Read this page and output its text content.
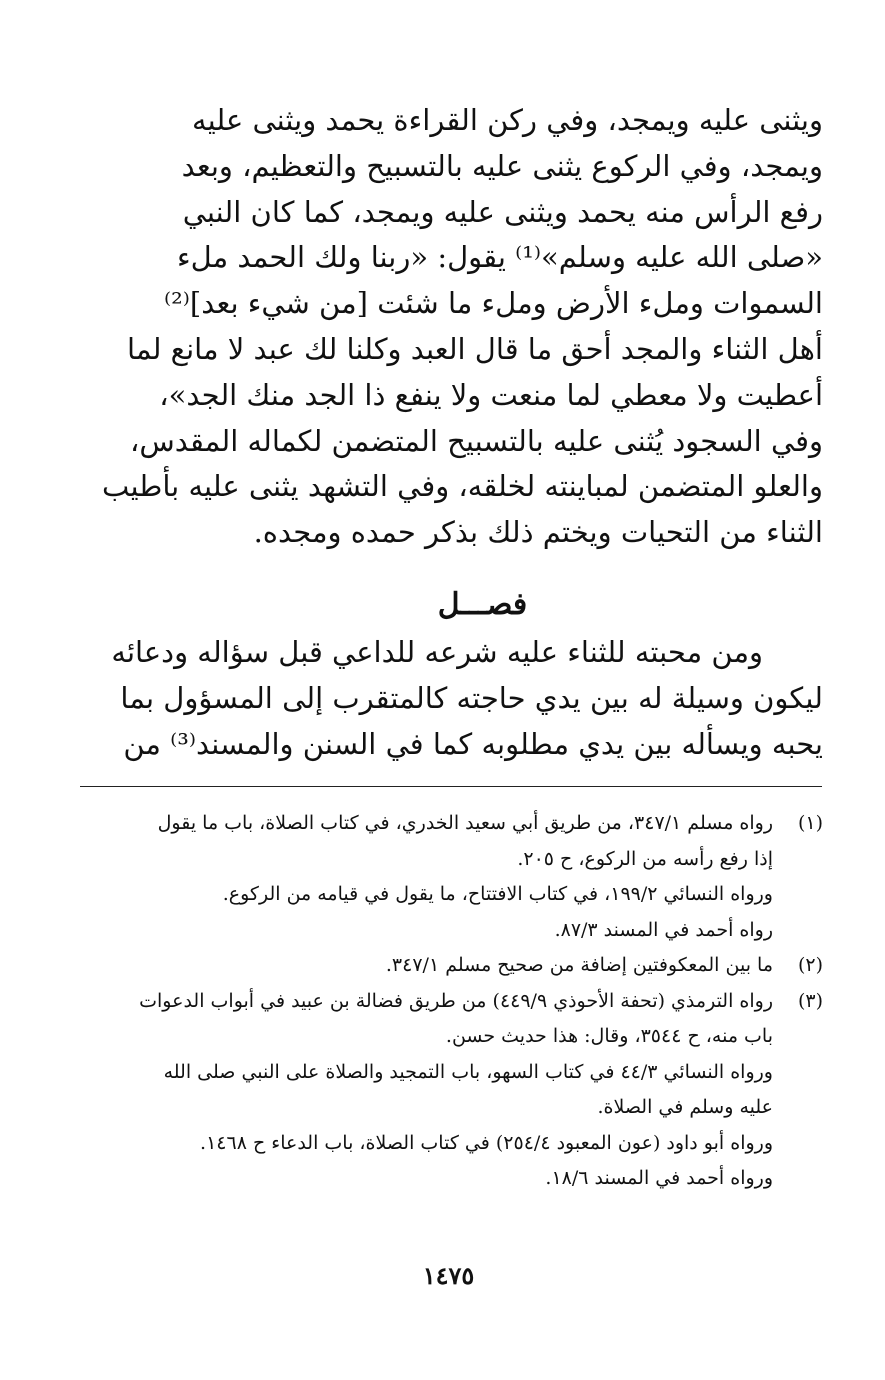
ويثنى عليه ويمجد، وفي ركن القراءة يحمد ويثنى عليه
ويمجد، وفي الركوع يثنى عليه بالتسبيح والتعظيم، وبعد
رفع الرأس منه يحمد ويثنى عليه ويمجد، كما كان النبي
«صلى الله عليه وسلم»⁽¹⁾ يقول: «ربنا ولك الحمد ملء
السموات وملء الأرض وملء ما شئت [من شيء بعد]⁽²⁾
أهل الثناء والمجد أحق ما قال العبد وكلنا لك عبد لا مانع لما
أعطيت ولا معطي لما منعت ولا ينفع ذا الجد منك الجد»،
وفي السجود يُثنى عليه بالتسبيح المتضمن لكماله المقدس،
والعلو المتضمن لمباينته لخلقه، وفي التشهد يثنى عليه بأطيب
الثناء من التحيات ويختم ذلك بذكر حمده ومجده.
فصـــل
ومن محبته للثناء عليه شرعه للداعي قبل سؤاله ودعائه
ليكون وسيلة له بين يدي حاجته كالمتقرب إلى المسؤول بما
يحبه ويسأله بين يدي مطلوبه كما في السنن والمسند⁽³⁾ من
(١)
رواه مسلم ٣٤٧/١، من طريق أبي سعيد الخدري، في كتاب الصلاة، باب ما يقول
إذا رفع رأسه من الركوع، ح ٢٠٥.
ورواه النسائي ١٩٩/٢، في كتاب الافتتاح، ما يقول في قيامه من الركوع.
رواه أحمد في المسند ٨٧/٣.
(٢)
ما بين المعكوفتين إضافة من صحيح مسلم ٣٤٧/١.
(٣)
رواه الترمذي (تحفة الأحوذي ٤٤٩/٩) من طريق فضالة بن عبيد في أبواب الدعوات
باب منه، ح ٣٥٤٤، وقال: هذا حديث حسن.
ورواه النسائي ٤٤/٣ في كتاب السهو، باب التمجيد والصلاة على النبي صلى الله
عليه وسلم في الصلاة.
ورواه أبو داود (عون المعبود ٢٥٤/٤) في كتاب الصلاة، باب الدعاء ح ١٤٦٨.
ورواه أحمد في المسند ١٨/٦.
١٤٧٥
